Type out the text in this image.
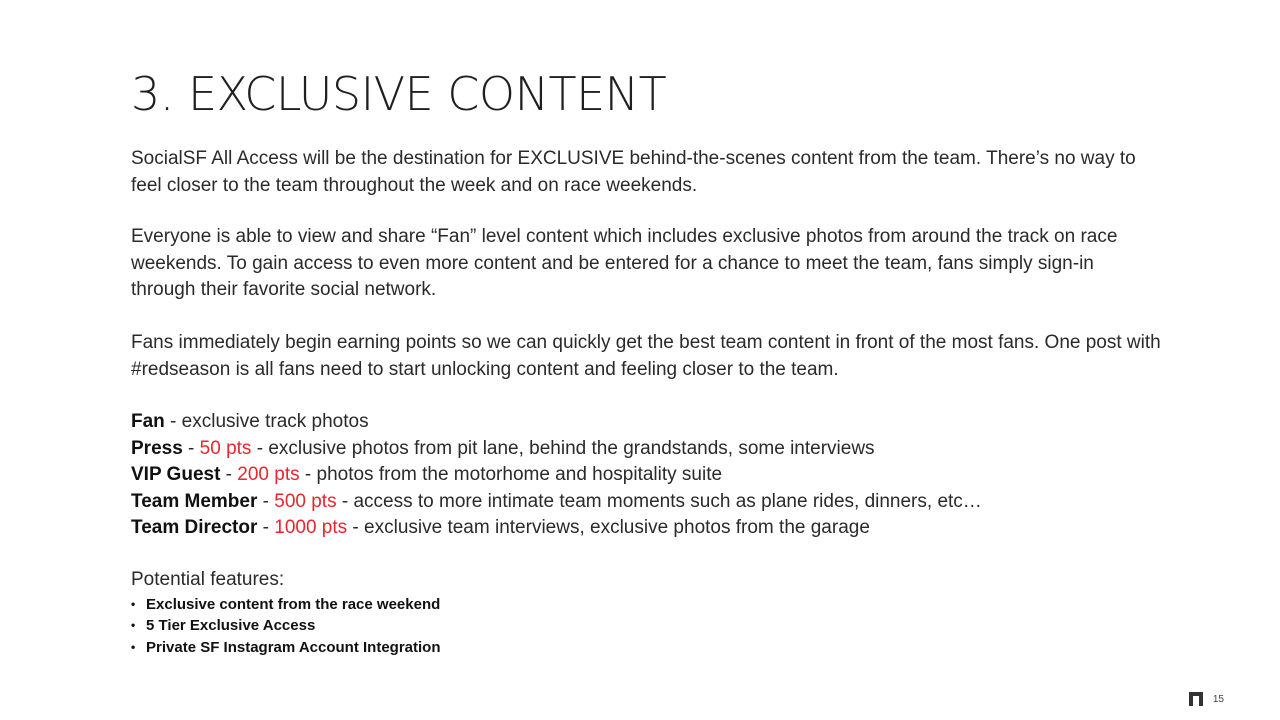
3. EXCLUSIVE CONTENT

SocialSF All Access will be the destination for EXCLUSIVE behind-the-scenes content from the team. There’s no way to feel closer to the team throughout the week and on race weekends.

Everyone is able to view and share “Fan” level content which includes exclusive photos from around the track on race weekends. To gain access to even more content and be entered for a chance to meet the team, fans simply sign-in through their favorite social network.

Fans immediately begin earning points so we can quickly get the best team content in front of the most fans. One post with #redseason is all fans need to start unlocking content and feeling closer to the team.

Fan - exclusive track photos

Press - 50 pts - exclusive photos from pit lane, behind the grandstands, some interviews

VIP Guest - 200 pts - photos from the motorhome and hospitality suite

Team Member - 500 pts - access to more intimate team moments such as plane rides, dinners, etc…

Team Director - 1000 pts - exclusive team interviews, exclusive photos from the garage

Potential features:

• Exclusive content from the race weekend
• 5 Tier Exclusive Access
• Private SF Instagram Account Integration
15
